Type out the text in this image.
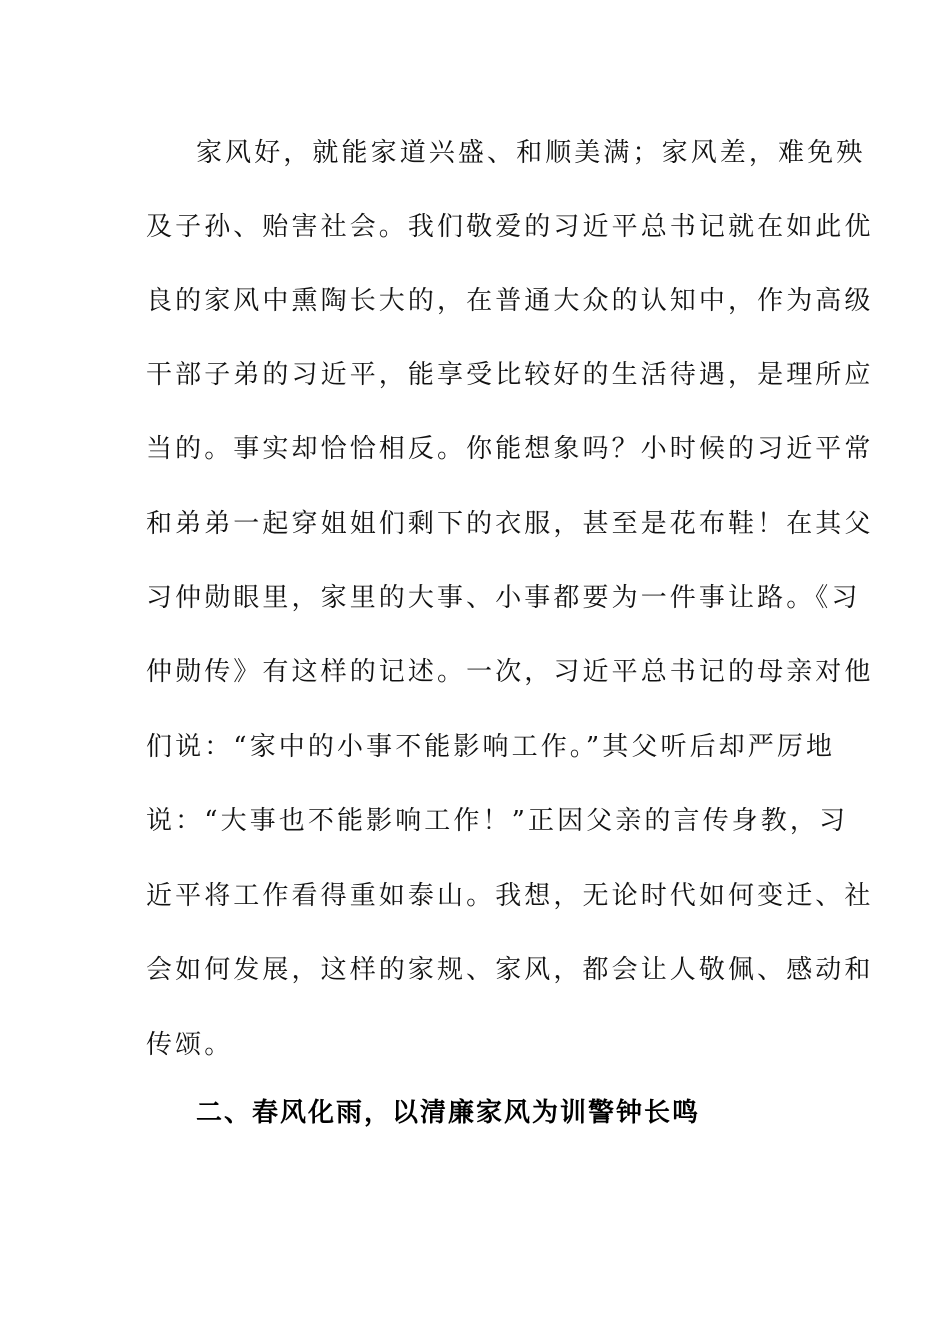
家风好，就能家道兴盛、和顺美满；家风差，难免殃
及子孙、贻害社会。我们敬爱的习近平总书记就在如此优
良的家风中熏陶长大的，在普通大众的认知中，作为高级
干部子弟的习近平，能享受比较好的生活待遇，是理所应
当的。事实却恰恰相反。你能想象吗？小时候的习近平常
和弟弟一起穿姐姐们剩下的衣服，甚至是花布鞋！在其父
习仲勋眼里，家里的大事、小事都要为一件事让路。《习
仲勋传》有这样的记述。一次，习近平总书记的母亲对他
们说：“家中的小事不能影响工作。”其父听后却严厉地
说：“大事也不能影响工作！”正因父亲的言传身教，习
近平将工作看得重如泰山。我想，无论时代如何变迁、社
会如何发展，这样的家规、家风，都会让人敬佩、感动和
传颂。
二、春风化雨，以清廉家风为训警钟长鸣
